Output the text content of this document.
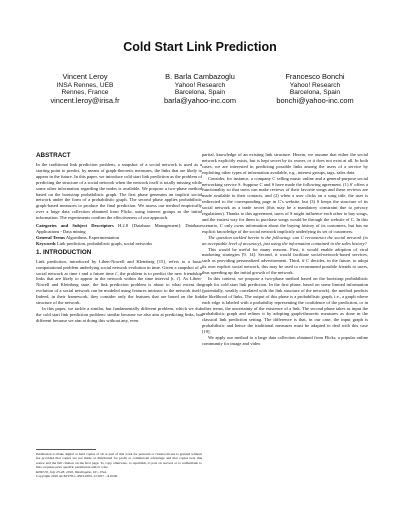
Cold Start Link Prediction
Vincent Leroy
INSA Rennes, UEB
Rennes, France
vincent.leroy@irisa.fr
B. Barla Cambazoglu
Yahoo! Research
Barcelona, Spain
barla@yahoo-inc.com
Francesco Bonchi
Yahoo! Research
Barcelona, Spain
bonchi@yahoo-inc.com
ABSTRACT

In the traditional link prediction problem, a snapshot of a social network is used as a starting point to predict, by means of graph-theoretic measures, the links that are likely to appear in the future. In this paper, we introduce cold start link prediction as the problem of predicting the structure of a social network when the network itself is totally missing while some other information regarding the nodes is available. We propose a two-phase method based on the bootstrap probabilistic graph. The first phase generates an implicit social network under the form of a probabilistic graph. The second phase applies probabilistic graph-based measures to produce the final prediction. We assess our method empirically over a large data collection obtained from Flickr, using interest groups as the initial information. The experiments confirm the effectiveness of our approach.

Categories and Subject Descriptors H.2.8 [Database Management]: Database Applications - Data mining

General Terms Algorithms, Experimentation

Keywords Link prediction, probabilistic graph, social networks

1. INTRODUCTION

Link prediction, introduced by Liben-Nowell and Kleinberg [15], refers to a basic computational problem underlying social network evolution in time. Given a snapshot of a social network at time t and a future time t', the problem is to predict the new friendship links that are likely to appear in the network within the time interval [t, t']. As Liben-Nowell and Kleinberg state, the link prediction problem is about to what extent the evolution of a social network can be modeled using features intrinsic to the network itself. Indeed, in their framework, they consider only the features that are based on the link structure of the network.

In this paper, we tackle a similar, but fundamentally different problem, which we dub the cold start link prediction problem: similar because we also aim at predicting links, but different because we aim at doing this without any, even

Permission to make digital or hard copies of all or part of this work for personal or classroom use is granted without fee provided that copies are not made or distributed for profit or commercial advantage and that copies bear this notice and the full citation on the first page. To copy otherwise, to republish, to post on servers or to redistribute to lists, requires prior specific permission and/or a fee.

KDD'10, July 25-28, 2010, Washington, DC, USA.

Copyright 2010 ACM 978-1-4503-0055-1/10/07 ...$10.00.

partial, knowledge of an existing link structure. Herein, we assume that either the social network explicitly exists, but is kept secret by its owner, or it does not exist at all. In both cases, we are interested in predicting possible links among the users of a service by exploiting other types of information available, e.g., interest groups, tags, sales data.

Consider, for instance, a company C selling music online and a general-purpose social networking service S. Suppose C and S have made the following agreement. (1) S' offers a functionality so that users can make reviews of their favorite songs and these reviews are made available to their contacts, and (2) when a user clicks on a song title, the user is redirected to the corresponding page in C's website, but (3) S keeps the structure of its social network as a trade secret (this may be a mandatory constraint due to privacy regulations). Thanks to this agreement, users of S might influence each other to buy songs, and the easiest way for them to purchase songs would be through the website of C. In this scenario, C only owns information about the buying history of its customers, but has no explicit knowledge of the social network implicitly underlying its set of customers.

The question tackled herein is the following: can C reconstruct the social network (to an acceptable level of accuracy), just using the information contained in the sales history?

This would be useful for many reasons. First, it would enable adoption of viral marketing strategies [9, 14]. Second, it would facilitate social-network-based services, such as providing personalized advertisement. Third, if C decides, in the future, to adopt its own explicit social network, this may be used to recommend possible friends to users, thus speeding up the initial growth of the network.

In this context, we propose a two-phase method based on the bootstrap probabilistic graph for cold start link prediction. In the first phase, based on some limited information (potentially, weakly correlated with the link structure of the network), the method predicts the likelihood of links. The output of this phase is a probabilistic graph, i.e., a graph where each edge is labeled with a probability representing the confidence of the prediction, or in other terms, the uncertainty of the existence of a link. The second phase takes as input the probabilistic graph and refines it by adopting graph-theoretic measures as done in the classical link prediction setting. The difference is that, in our case, the input graph is probabilistic and hence the traditional measures must be adapted to deal with this case [19].

We apply our method to a large data collection obtained from Flickr, a popular online community for image and video
